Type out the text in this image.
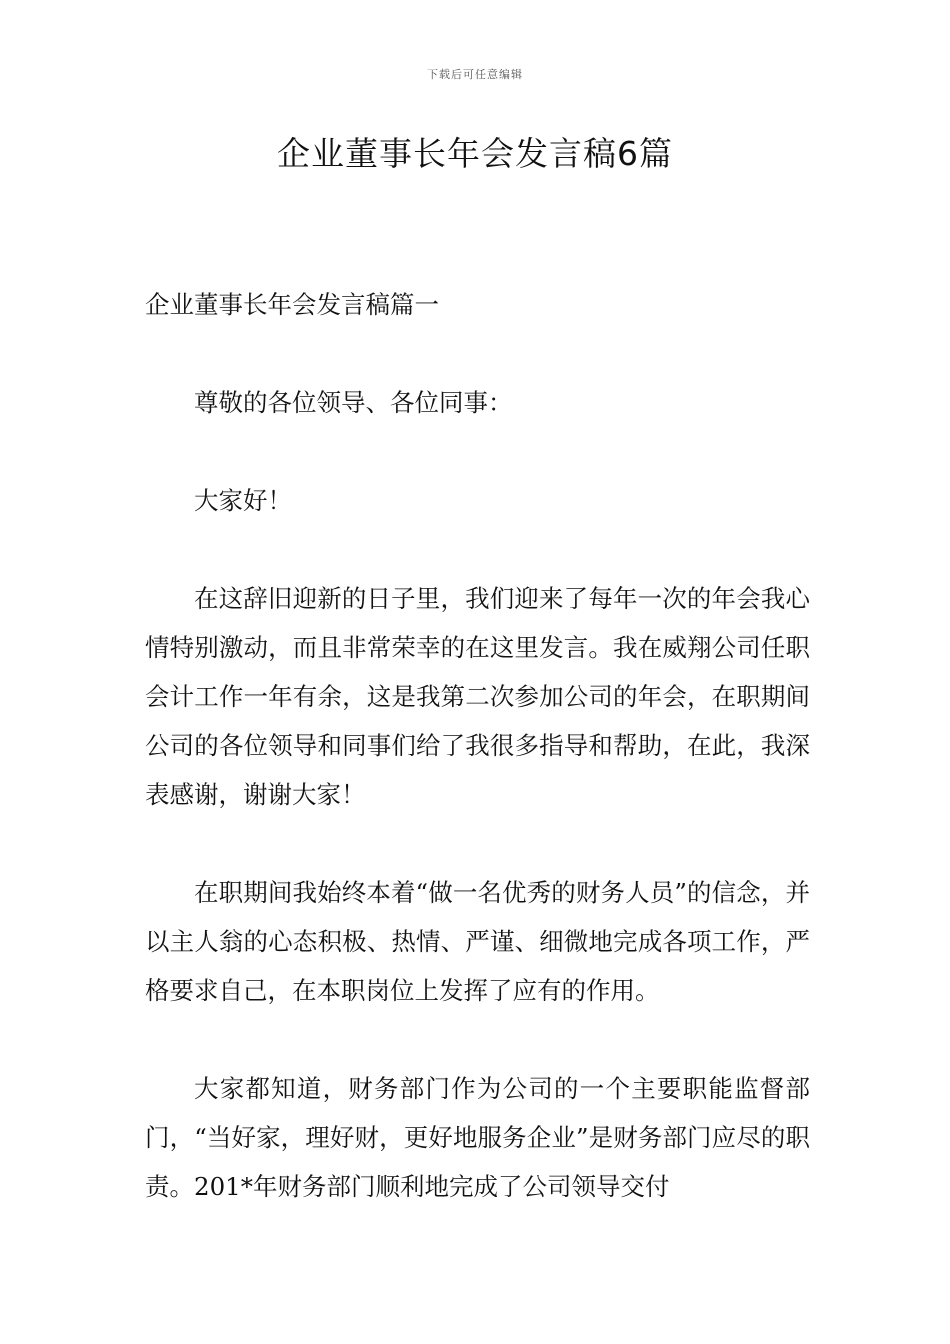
下载后可任意编辑
企业董事长年会发言稿6篇
企业董事长年会发言稿篇一

尊敬的各位领导、各位同事：

大家好！

在这辞旧迎新的日子里，我们迎来了每年一次的年会我心情特别激动，而且非常荣幸的在这里发言。我在威翔公司任职会计工作一年有余，这是我第二次参加公司的年会，在职期间公司的各位领导和同事们给了我很多指导和帮助，在此，我深表感谢，谢谢大家！

在职期间我始终本着“做一名优秀的财务人员”的信念，并以主人翁的心态积极、热情、严谨、细微地完成各项工作，严格要求自己，在本职岗位上发挥了应有的作用。

大家都知道，财务部门作为公司的一个主要职能监督部门，“当好家，理好财，更好地服务企业”是财务部门应尽的职责。201*年财务部门顺利地完成了公司领导交付
